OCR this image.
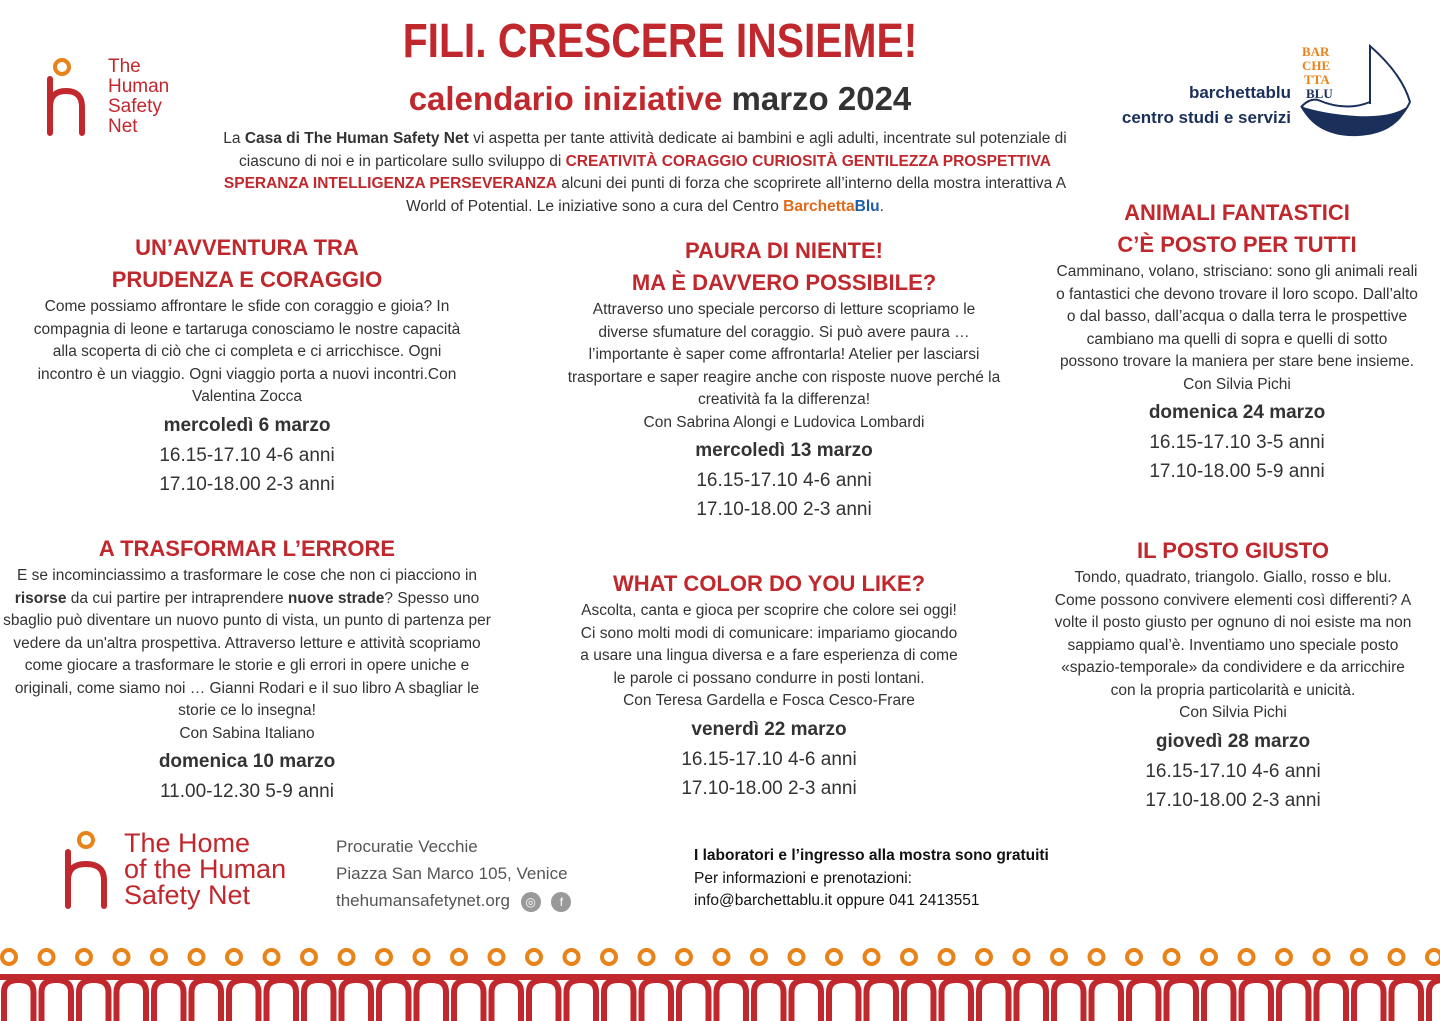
The
Human
Safety
Net
FILI. CRESCERE INSIEME!
calendario iniziative marzo 2024	barchettablu
centro studi e servizi
BAR
CHE
TTA
BLU
La Casa di The Human Safety Net vi aspetta per tante attività dedicate ai bambini e agli adulti, incentrate sul potenziale di ciascuno di noi e in particolare sullo sviluppo di CREATIVITÀ CORAGGIO CURIOSITÀ GENTILEZZA PROSPETTIVA SPERANZA INTELLIGENZA PERSEVERANZA alcuni dei punti di forza che scoprirete all’interno della mostra interattiva A World of Potential. Le iniziative sono a cura del Centro BarchettaBlu.
UN’AVVENTURA TRA
PRUDENZA E CORAGGIO
Come possiamo affrontare le sfide con coraggio e gioia? In compagnia di leone e tartaruga conosciamo le nostre capacità alla scoperta di ciò che ci completa e ci arricchisce. Ogni incontro è un viaggio. Ogni viaggio porta a nuovi incontri.Con Valentina Zocca
mercoledì 6 marzo
16.15-17.10 4-6 anni
17.10-18.00 2-3 anni
PAURA DI NIENTE!
MA È DAVVERO POSSIBILE?
Attraverso uno speciale percorso di letture scopriamo le diverse sfumature del coraggio. Si può avere paura … l’importante è saper come affrontarla! Atelier per lasciarsi trasportare e saper reagire anche con risposte nuove perché la creatività fa la differenza!
Con Sabrina Alongi e Ludovica Lombardi
mercoledì 13 marzo
16.15-17.10 4-6 anni
17.10-18.00 2-3 anni
ANIMALI FANTASTICI
C’È POSTO PER TUTTI
Camminano, volano, strisciano: sono gli animali reali o fantastici che devono trovare il loro scopo. Dall’alto o dal basso, dall’acqua o dalla terra le prospettive cambiano ma quelli di sopra e quelli di sotto possono trovare la maniera per stare bene insieme.
Con Silvia Pichi
domenica 24 marzo
16.15-17.10 3-5 anni
17.10-18.00 5-9 anni
A TRASFORMAR L’ERRORE
E se incominciassimo a trasformare le cose che non ci piacciono in risorse da cui partire per intraprendere nuove strade? Spesso uno sbaglio può diventare un nuovo punto di vista, un punto di partenza per vedere da un'altra prospettiva. Attraverso letture e attività scopriamo come giocare a trasformare le storie e gli errori in opere uniche e originali, come siamo noi … Gianni Rodari e il suo libro A sbagliar le storie ce lo insegna!
Con Sabina Italiano
domenica 10 marzo
11.00-12.30 5-9 anni
WHAT COLOR DO YOU LIKE?
Ascolta, canta e gioca per scoprire che colore sei oggi! Ci sono molti modi di comunicare: impariamo giocando a usare una lingua diversa e a fare esperienza di come le parole ci possano condurre in posti lontani.
Con Teresa Gardella e Fosca Cesco-Frare
venerdì 22 marzo
16.15-17.10 4-6 anni
17.10-18.00 2-3 anni
IL POSTO GIUSTO
Tondo, quadrato, triangolo. Giallo, rosso e blu. Come possono convivere elementi così differenti? A volte il posto giusto per ognuno di noi esiste ma non sappiamo qual’è. Inventiamo uno speciale posto «spazio-temporale» da condividere e da arricchire con la propria particolarità e unicità.
Con Silvia Pichi
giovedì 28 marzo
16.15-17.10 4-6 anni
17.10-18.00 2-3 anni
The Home
of the Human
Safety Net
Procuratie Vecchie
Piazza San Marco 105, Venice
thehumansafetynet.org ◎ f
I laboratori e l’ingresso alla mostra sono gratuiti
Per informazioni e prenotazioni:
info@barchettablu.it oppure 041 2413551
